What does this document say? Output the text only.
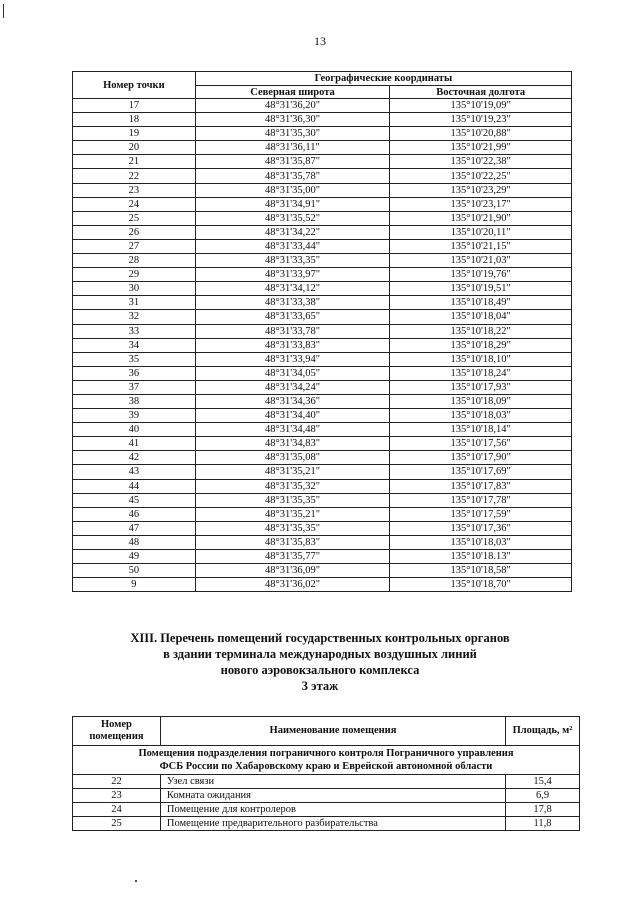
13
Номер точки	Географические координаты	
	Северная широта	Восточная долгота
17	48°31'36,20"	135°10'19,09"
18	48°31'36,30"	135°10'19,23"
19	48°31'35,30"	135°10'20,88"
20	48°31'36,11"	135°10'21,99"
21	48°31'35,87"	135°10'22,38"
22	48°31'35,78"	135°10'22,25"
23	48°31'35,00"	135°10'23,29"
24	48°31'34,91"	135°10'23,17"
25	48°31'35,52"	135°10'21,90"
26	48°31'34,22"	135°10'20,11"
27	48°31'33,44"	135°10'21,15"
28	48°31'33,35"	135°10'21,03"
29	48°31'33,97"	135°10'19,76"
30	48°31'34,12"	135°10'19,51"
31	48°31'33,38"	135°10'18,49"
32	48°31'33,65"	135°10'18,04"
33	48°31'33,78"	135°10'18,22"
34	48°31'33,83"	135°10'18,29"
35	48°31'33,94"	135°10'18,10"
36	48°31'34,05"	135°10'18,24"
37	48°31'34,24"	135°10'17,93"
38	48°31'34,36"	135°10'18,09"
39	48°31'34,40"	135°10'18,03"
40	48°31'34,48"	135°10'18,14"
41	48°31'34,83"	135°10'17,56"
42	48°31'35,08"	135°10'17,90"
43	48°31'35,21"	135°10'17,69"
44	48°31'35,32"	135°10'17,83"
45	48°31'35,35"	135°10'17,78"
46	48°31'35,21"	135°10'17,59"
47	48°31'35,35"	135°10'17,36"
48	48°31'35,83"	135°10'18,03"
49	48°31'35,77"	135°10'18.13"
50	48°31'36,09"	135°10'18,58"
9	48°31'36,02"	135°10'18,70"
XIII. Перечень помещений государственных контрольных органов
в здании терминала международных воздушных линий
нового аэровокзального комплекса
3 этаж
Номер
помещения	Наименование помещения	Площадь, м²

Помещения подразделения пограничного контроля Пограничного управления
ФСБ России по Хабаровскому краю и Еврейской автономной области		

22	Узел связи	15,4
23	Комната ожидания	6,9
24	Помещение для контролеров	17,8
25	Помещение предварительного разбирательства	11,8
